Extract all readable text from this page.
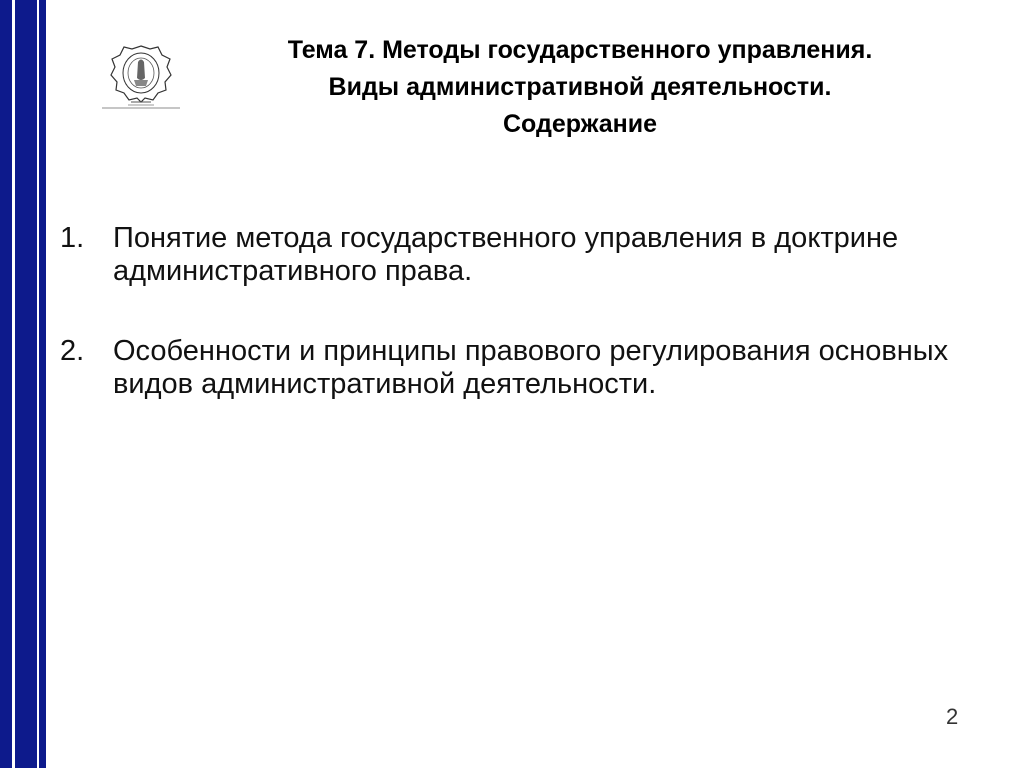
Тема 7. Методы государственного управления.
Виды административной деятельности.
Содержание
1. Понятие метода государственного управления в доктрине административного права.
2. Особенности и принципы правового регулирования основных видов административной деятельности.
2
